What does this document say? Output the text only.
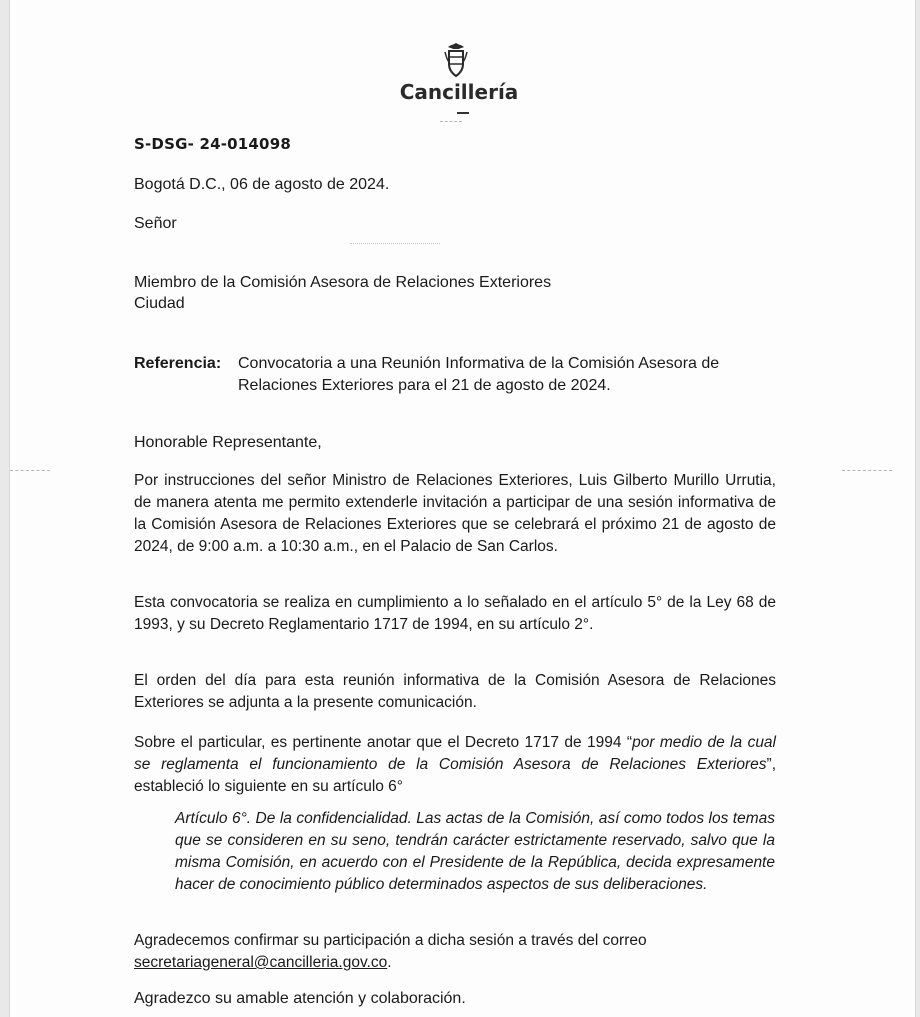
Cancillería
S-DSG- 24-014098
Bogotá D.C., 06 de agosto de 2024.
Señor
Miembro de la Comisión Asesora de Relaciones Exteriores
Ciudad
Referencia: Convocatoria a una Reunión Informativa de la Comisión Asesora de
Relaciones Exteriores para el 21 de agosto de 2024.
Honorable Representante,

Por instrucciones del señor Ministro de Relaciones Exteriores, Luis Gilberto Murillo Urrutia, de manera atenta me permito extenderle invitación a participar de una sesión informativa de la Comisión Asesora de Relaciones Exteriores que se celebrará el próximo 21 de agosto de 2024, de 9:00 a.m. a 10:30 a.m., en el Palacio de San Carlos.

Esta convocatoria se realiza en cumplimiento a lo señalado en el artículo 5° de la Ley 68 de 1993, y su Decreto Reglamentario 1717 de 1994, en su artículo 2°.

El orden del día para esta reunión informativa de la Comisión Asesora de Relaciones Exteriores se adjunta a la presente comunicación.

Sobre el particular, es pertinente anotar que el Decreto 1717 de 1994 “por medio de la cual se reglamenta el funcionamiento de la Comisión Asesora de Relaciones Exteriores”, estableció lo siguiente en su artículo 6°

Artículo 6°. De la confidencialidad. Las actas de la Comisión, así como todos los temas que se consideren en su seno, tendrán carácter estrictamente reservado, salvo que la misma Comisión, en acuerdo con el Presidente de la República, decida expresamente hacer de conocimiento público determinados aspectos de sus deliberaciones.

Agradecemos confirmar su participación a dicha sesión a través del correo

secretariageneral@cancilleria.gov.co.

Agradezco su amable atención y colaboración.
